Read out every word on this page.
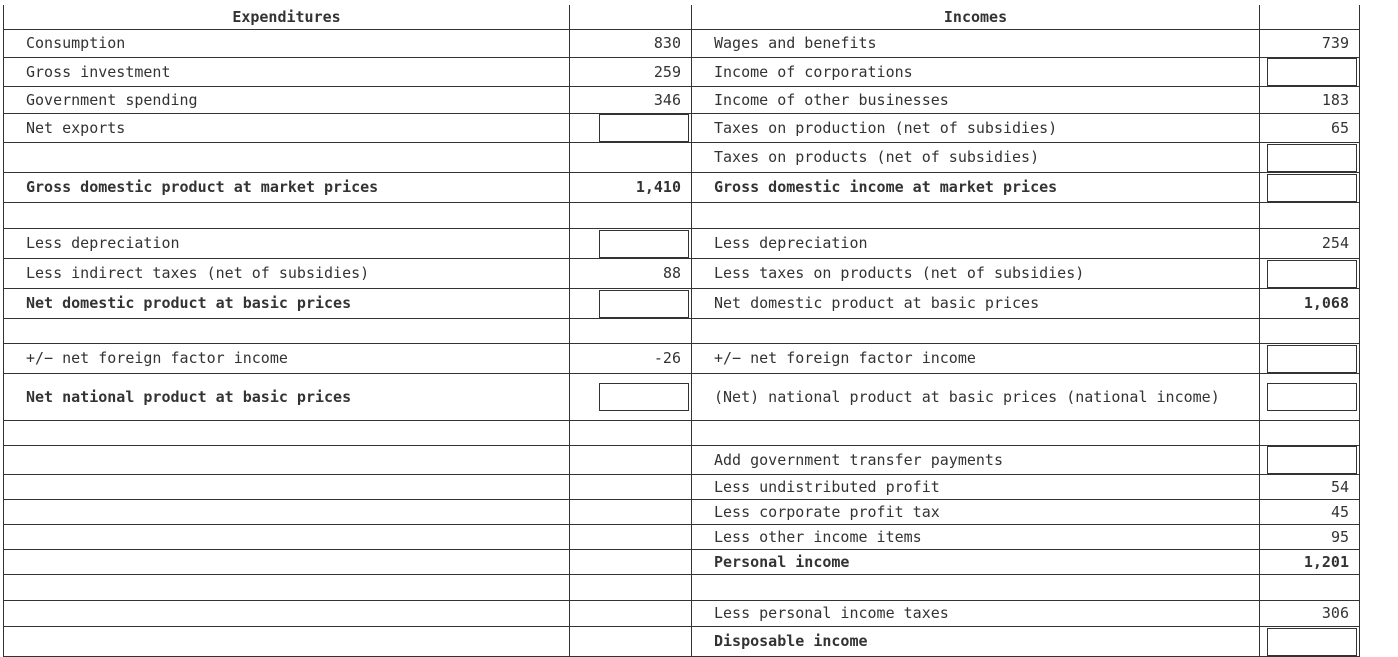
Expenditures		Incomes	
Consumption	830	Wages and benefits	739
Gross investment	259	Income of corporations	
Government spending	346	Income of other businesses	183
Net exports		Taxes on production (net of subsidies)	65
		Taxes on products (net of subsidies)	
Gross domestic product at market prices	1,410	Gross domestic income at market prices	

Less depreciation		Less depreciation	254
Less indirect taxes (net of subsidies)	88	Less taxes on products (net of subsidies)	
Net domestic product at basic prices		Net domestic product at basic prices	1,068

+/− net foreign factor income	-26	+/− net foreign factor income	
Net national product at basic prices		(Net) national product at basic prices (national income)	

		Add government transfer payments	
		Less undistributed profit	54
		Less corporate profit tax	45
		Less other income items	95
		Personal income	1,201

		Less personal income taxes	306
		Disposable income	
